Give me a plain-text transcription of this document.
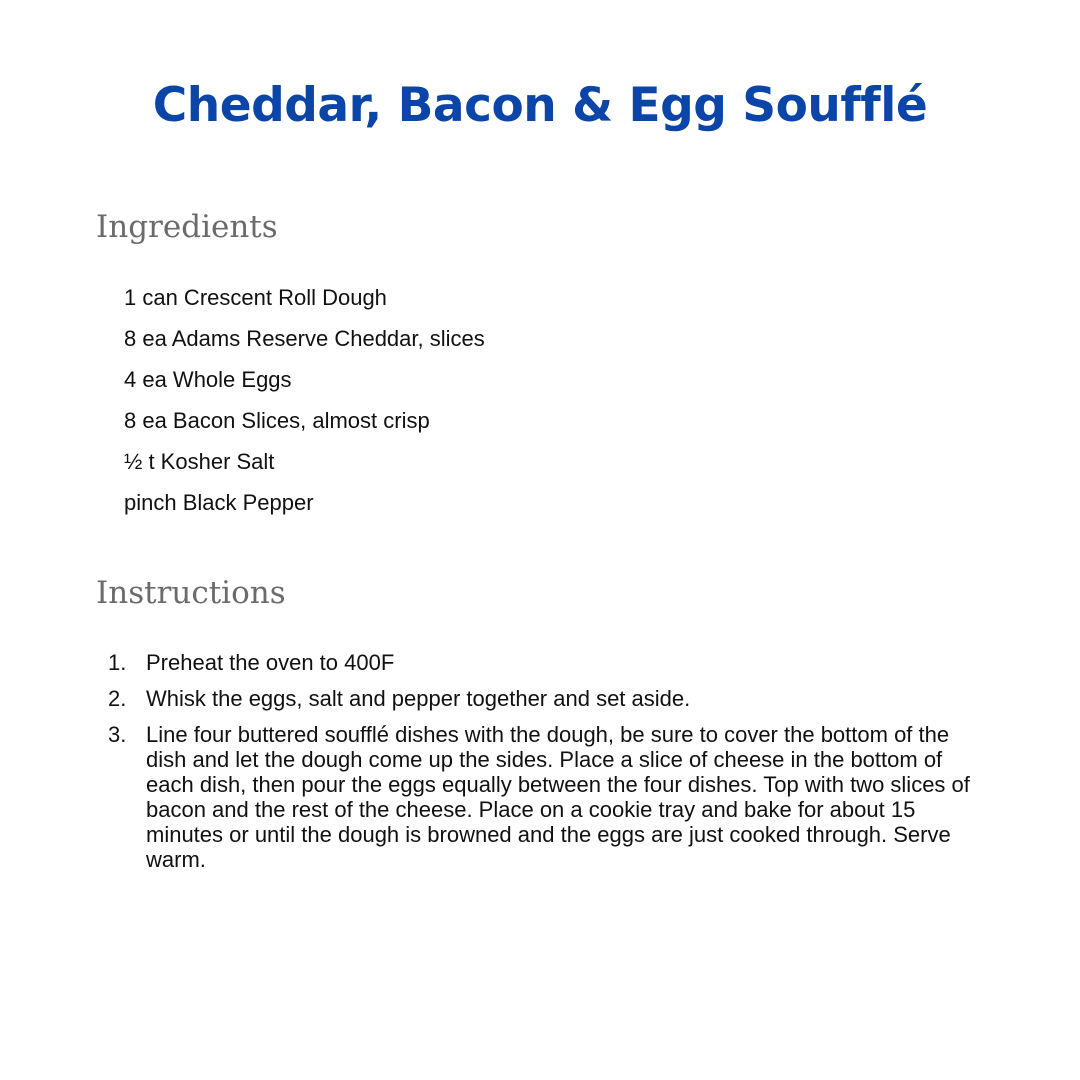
Cheddar, Bacon & Egg Soufflé
Ingredients
1 can Crescent Roll Dough
8 ea Adams Reserve Cheddar, slices
4 ea Whole Eggs
8 ea Bacon Slices, almost crisp
½ t Kosher Salt
pinch Black Pepper
Instructions
1. Preheat the oven to 400F
2. Whisk the eggs, salt and pepper together and set aside.
3. Line four buttered soufflé dishes with the dough, be sure to cover the bottom of the dish and let the dough come up the sides. Place a slice of cheese in the bottom of each dish, then pour the eggs equally between the four dishes. Top with two slices of bacon and the rest of the cheese. Place on a cookie tray and bake for about 15 minutes or until the dough is browned and the eggs are just cooked through. Serve warm.
